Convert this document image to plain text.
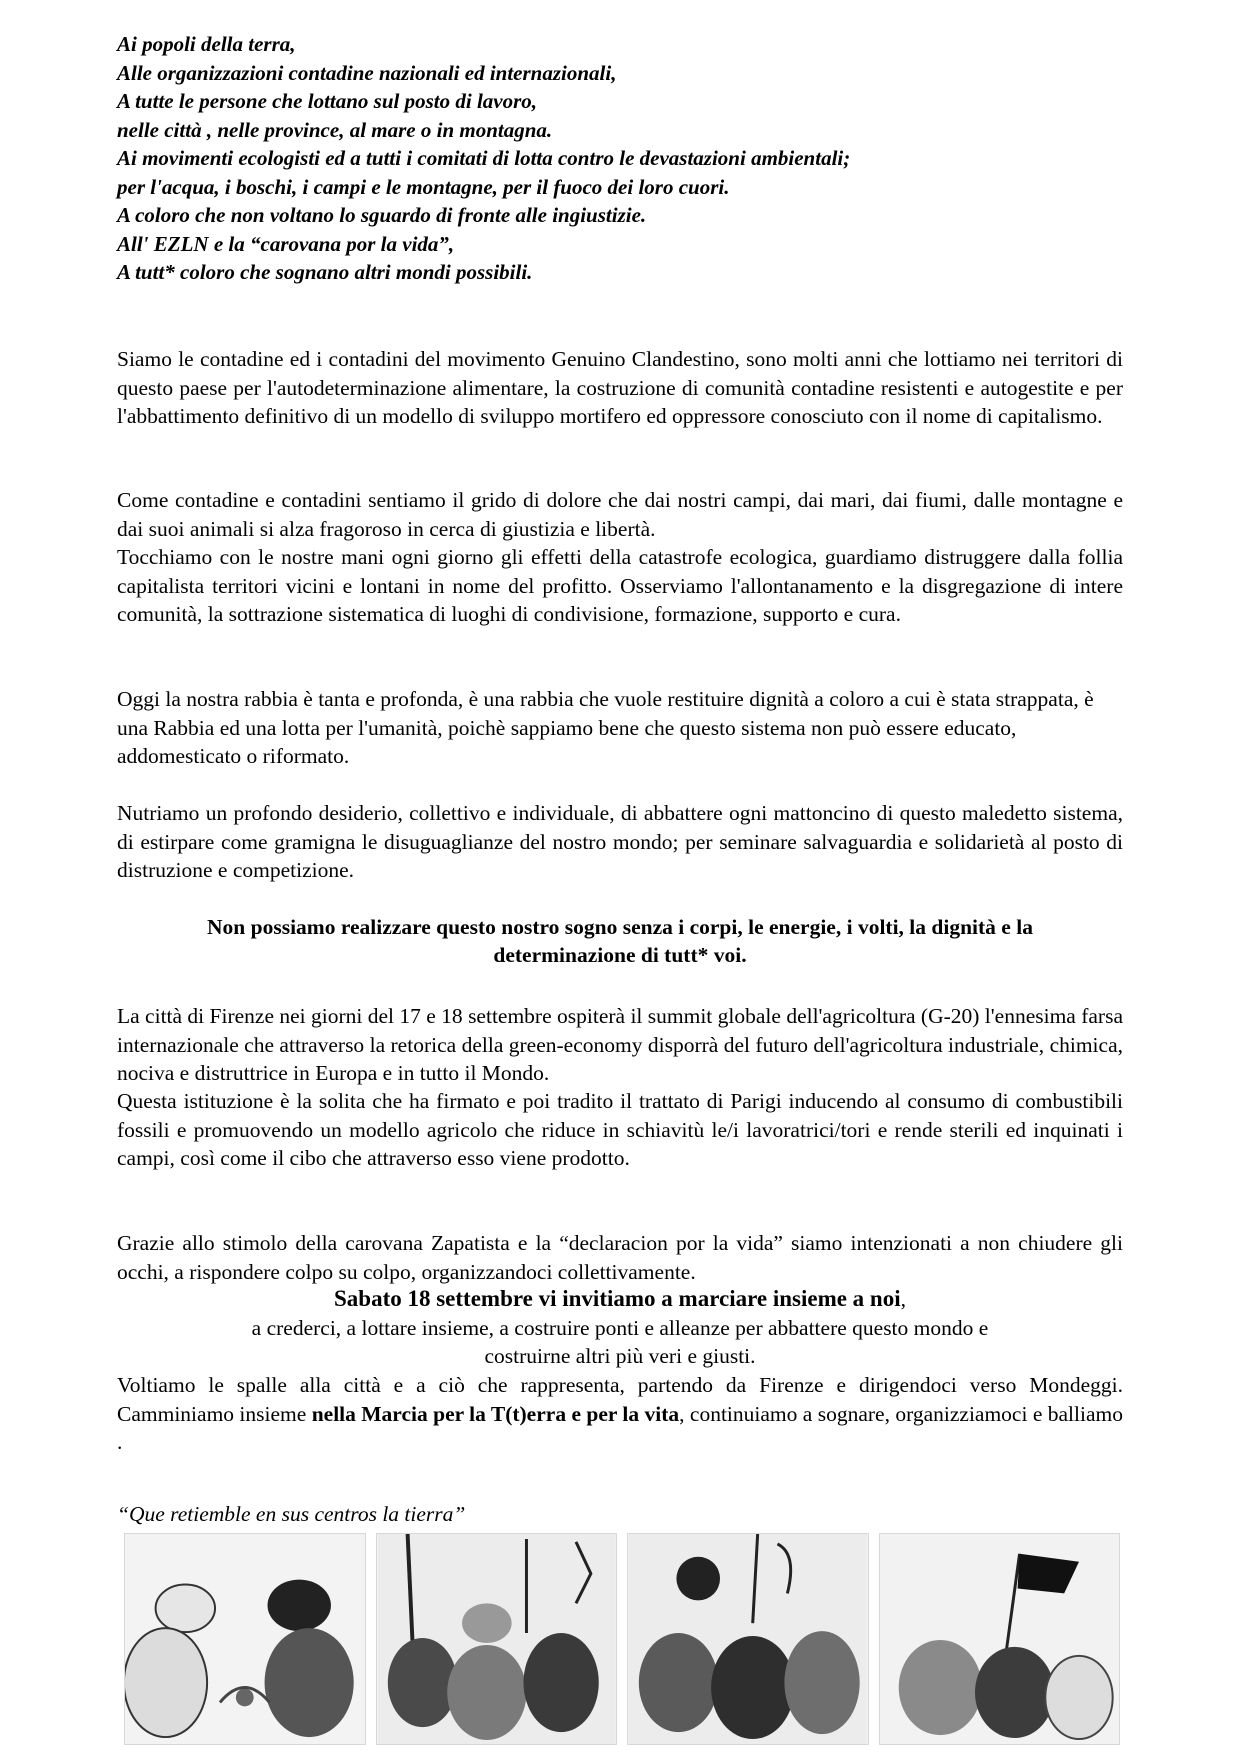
Ai popoli della terra,
Alle organizzazioni contadine nazionali ed internazionali,
A tutte le persone che lottano sul posto di lavoro,
nelle città , nelle province, al mare o in montagna.
Ai movimenti ecologisti ed a tutti i comitati di lotta contro le devastazioni ambientali;
per l'acqua, i boschi, i campi e le montagne, per il fuoco dei loro cuori.
A coloro che non voltano lo sguardo di fronte alle ingiustizie.
All' EZLN e la “carovana por la vida”,
A tutt* coloro che sognano altri mondi possibili.

Siamo le contadine ed i contadini del movimento Genuino Clandestino, sono molti anni che lottiamo nei territori di questo paese per l'autodeterminazione alimentare, la costruzione di comunità contadine resistenti e autogestite e per l'abbattimento definitivo di un modello di sviluppo mortifero ed oppressore conosciuto con il nome di capitalismo.

Come contadine e contadini sentiamo il grido di dolore che dai nostri campi, dai mari, dai fiumi, dalle montagne e dai suoi animali si alza fragoroso in cerca di giustizia e libertà.

Tocchiamo con le nostre mani ogni giorno gli effetti della catastrofe ecologica, guardiamo distruggere dalla follia capitalista territori vicini e lontani in nome del profitto. Osserviamo l'allontanamento e la disgregazione di intere comunità, la sottrazione sistematica di luoghi di condivisione, formazione, supporto e cura.

Oggi la nostra rabbia è tanta e profonda, è una rabbia che vuole restituire dignità a coloro a cui è stata strappata, è una Rabbia ed una lotta per l'umanità, poichè sappiamo bene che questo sistema non può essere educato, addomesticato o riformato.

Nutriamo un profondo desiderio, collettivo e individuale, di abbattere ogni mattoncino di questo maledetto sistema, di estirpare come gramigna le disuguaglianze del nostro mondo; per seminare salvaguardia e solidarietà al posto di distruzione e competizione.

Non possiamo realizzare questo nostro sogno senza i corpi, le energie, i volti, la dignità e la

determinazione di tutt* voi.

La città di Firenze nei giorni del 17 e 18 settembre ospiterà il summit globale dell'agricoltura (G-20) l'ennesima farsa internazionale che attraverso la retorica della green-economy disporrà del futuro dell'agricoltura industriale, chimica, nociva e distruttrice in Europa e in tutto il Mondo.

Questa istituzione è la solita che ha firmato e poi tradito il trattato di Parigi inducendo al consumo di combustibili fossili e promuovendo un modello agricolo che riduce in schiavitù le/i lavoratrici/tori e rende sterili ed inquinati i campi, così come il cibo che attraverso esso viene prodotto.

Grazie allo stimolo della carovana Zapatista e la “declaracion por la vida” siamo intenzionati a non chiudere gli occhi, a rispondere colpo su colpo, organizzandoci collettivamente.

Sabato 18 settembre vi invitiamo a marciare insieme a noi,

a crederci, a lottare insieme, a costruire ponti e alleanze per abbattere questo mondo e

costruirne altri più veri e giusti.

Voltiamo le spalle alla città e a ciò che rappresenta, partendo da Firenze e dirigendoci verso Mondeggi. Camminiamo insieme nella Marcia per la T(t)erra e per la vita, continuiamo a sognare, organizziamoci e balliamo .

“Que retiemble en sus centros la tierra”
